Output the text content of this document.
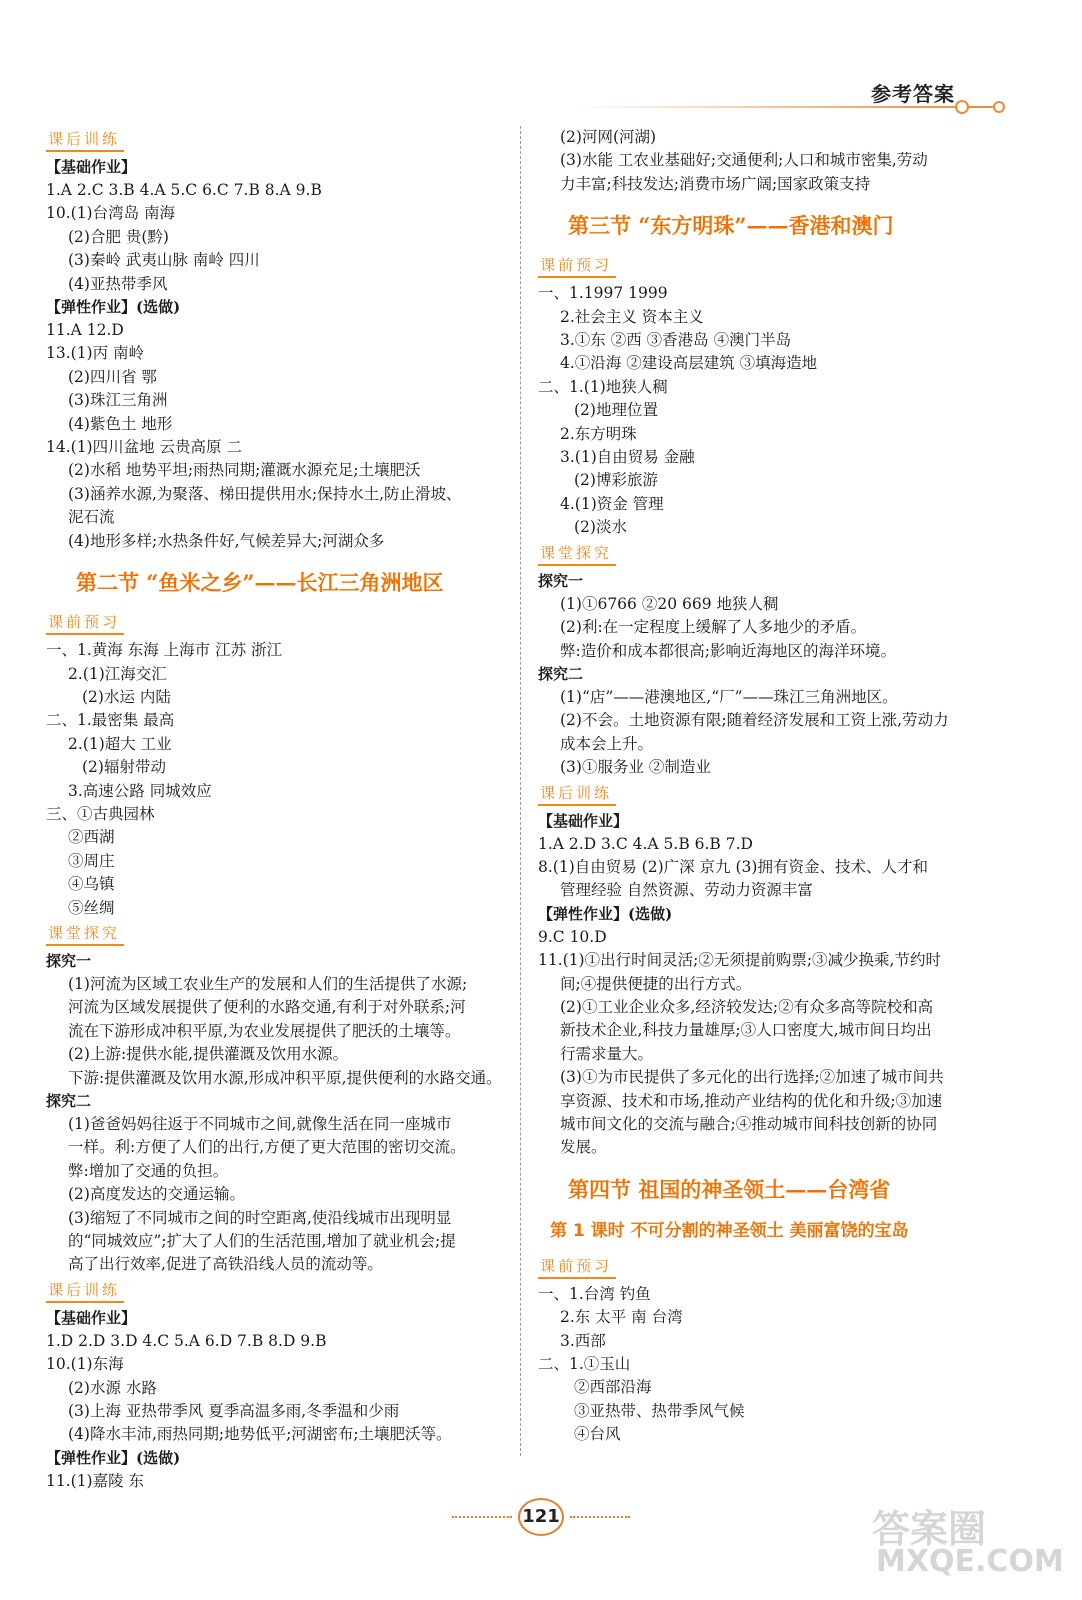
参考答案
课后训练
【基础作业】
1.A 2.C 3.B 4.A 5.C 6.C 7.B 8.A 9.B
10.(1)台湾岛 南海
(2)合肥 贵(黔)
(3)秦岭 武夷山脉 南岭 四川
(4)亚热带季风
【弹性作业】(选做)
11.A 12.D
13.(1)丙 南岭
(2)四川省 鄂
(3)珠江三角洲
(4)紫色土 地形
14.(1)四川盆地 云贵高原 二
(2)水稻 地势平坦;雨热同期;灌溉水源充足;土壤肥沃
(3)涵养水源,为聚落、梯田提供用水;保持水土,防止滑坡、
泥石流
(4)地形多样;水热条件好,气候差异大;河湖众多
第二节 “鱼米之乡”——长江三角洲地区
课前预习
一、1.黄海 东海 上海市 江苏 浙江
2.(1)江海交汇
(2)水运 内陆
二、1.最密集 最高
2.(1)超大 工业
(2)辐射带动
3.高速公路 同城效应
三、①古典园林
②西湖
③周庄
④乌镇
⑤丝绸
课堂探究
探究一
(1)河流为区域工农业生产的发展和人们的生活提供了水源;
河流为区域发展提供了便利的水路交通,有利于对外联系;河
流在下游形成冲积平原,为农业发展提供了肥沃的土壤等。
(2)上游:提供水能,提供灌溉及饮用水源。
下游:提供灌溉及饮用水源,形成冲积平原,提供便利的水路交通。
探究二
(1)爸爸妈妈往返于不同城市之间,就像生活在同一座城市
一样。利:方便了人们的出行,方便了更大范围的密切交流。
弊:增加了交通的负担。
(2)高度发达的交通运输。
(3)缩短了不同城市之间的时空距离,使沿线城市出现明显
的“同城效应”;扩大了人们的生活范围,增加了就业机会;提
高了出行效率,促进了高铁沿线人员的流动等。
课后训练
【基础作业】
1.D 2.D 3.D 4.C 5.A 6.D 7.B 8.D 9.B
10.(1)东海
(2)水源 水路
(3)上海 亚热带季风 夏季高温多雨,冬季温和少雨
(4)降水丰沛,雨热同期;地势低平;河湖密布;土壤肥沃等。
【弹性作业】(选做)
11.(1)嘉陵 东
(2)河网(河湖)
(3)水能 工农业基础好;交通便利;人口和城市密集,劳动
力丰富;科技发达;消费市场广阔;国家政策支持
第三节 “东方明珠”——香港和澳门
课前预习
一、1.1997 1999
2.社会主义 资本主义
3.①东 ②西 ③香港岛 ④澳门半岛
4.①沿海 ②建设高层建筑 ③填海造地
二、1.(1)地狭人稠
(2)地理位置
2.东方明珠
3.(1)自由贸易 金融
(2)博彩旅游
4.(1)资金 管理
(2)淡水
课堂探究
探究一
(1)①6766 ②20 669 地狭人稠
(2)利:在一定程度上缓解了人多地少的矛盾。
弊:造价和成本都很高;影响近海地区的海洋环境。
探究二
(1)“店”——港澳地区,“厂”——珠江三角洲地区。
(2)不会。土地资源有限;随着经济发展和工资上涨,劳动力
成本会上升。
(3)①服务业 ②制造业
课后训练
【基础作业】
1.A 2.D 3.C 4.A 5.B 6.B 7.D
8.(1)自由贸易 (2)广深 京九 (3)拥有资金、技术、人才和
管理经验 自然资源、劳动力资源丰富
【弹性作业】(选做)
9.C 10.D
11.(1)①出行时间灵活;②无须提前购票;③减少换乘,节约时
间;④提供便捷的出行方式。
(2)①工业企业众多,经济较发达;②有众多高等院校和高
新技术企业,科技力量雄厚;③人口密度大,城市间日均出
行需求量大。
(3)①为市民提供了多元化的出行选择;②加速了城市间共
享资源、技术和市场,推动产业结构的优化和升级;③加速
城市间文化的交流与融合;④推动城市间科技创新的协同
发展。
第四节 祖国的神圣领土——台湾省
第 1 课时 不可分割的神圣领土 美丽富饶的宝岛
课前预习
一、1.台湾 钓鱼
2.东 太平 南 台湾
3.西部
二、1.①玉山
②西部沿海
③亚热带、热带季风气候
④台风
121	答案圈
MXQE.COM
